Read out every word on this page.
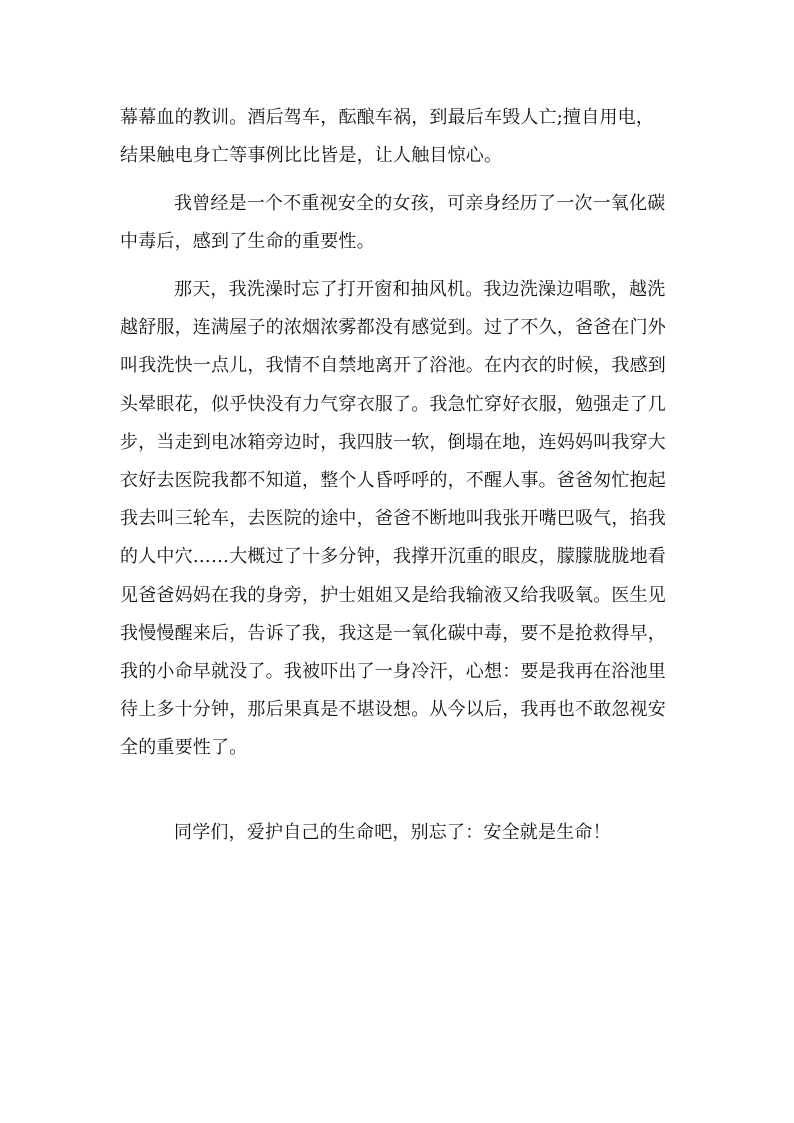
幕幕血的教训。酒后驾车，酝酿车祸，到最后车毁人亡;擅自用电，
结果触电身亡等事例比比皆是，让人触目惊心。

我曾经是一个不重视安全的女孩，可亲身经历了一次一氧化碳
中毒后，感到了生命的重要性。

那天，我洗澡时忘了打开窗和抽风机。我边洗澡边唱歌，越洗
越舒服，连满屋子的浓烟浓雾都没有感觉到。过了不久，爸爸在门外
叫我洗快一点儿，我情不自禁地离开了浴池。在内衣的时候，我感到
头晕眼花，似乎快没有力气穿衣服了。我急忙穿好衣服，勉强走了几
步，当走到电冰箱旁边时，我四肢一软，倒塌在地，连妈妈叫我穿大
衣好去医院我都不知道，整个人昏呼呼的，不醒人事。爸爸匆忙抱起
我去叫三轮车，去医院的途中，爸爸不断地叫我张开嘴巴吸气，掐我
的人中穴……大概过了十多分钟，我撑开沉重的眼皮，朦朦胧胧地看
见爸爸妈妈在我的身旁，护士姐姐又是给我输液又给我吸氧。医生见
我慢慢醒来后，告诉了我，我这是一氧化碳中毒，要不是抢救得早，
我的小命早就没了。我被吓出了一身冷汗，心想：要是我再在浴池里
待上多十分钟，那后果真是不堪设想。从今以后，我再也不敢忽视安
全的重要性了。

同学们，爱护自己的生命吧，别忘了：安全就是生命！
